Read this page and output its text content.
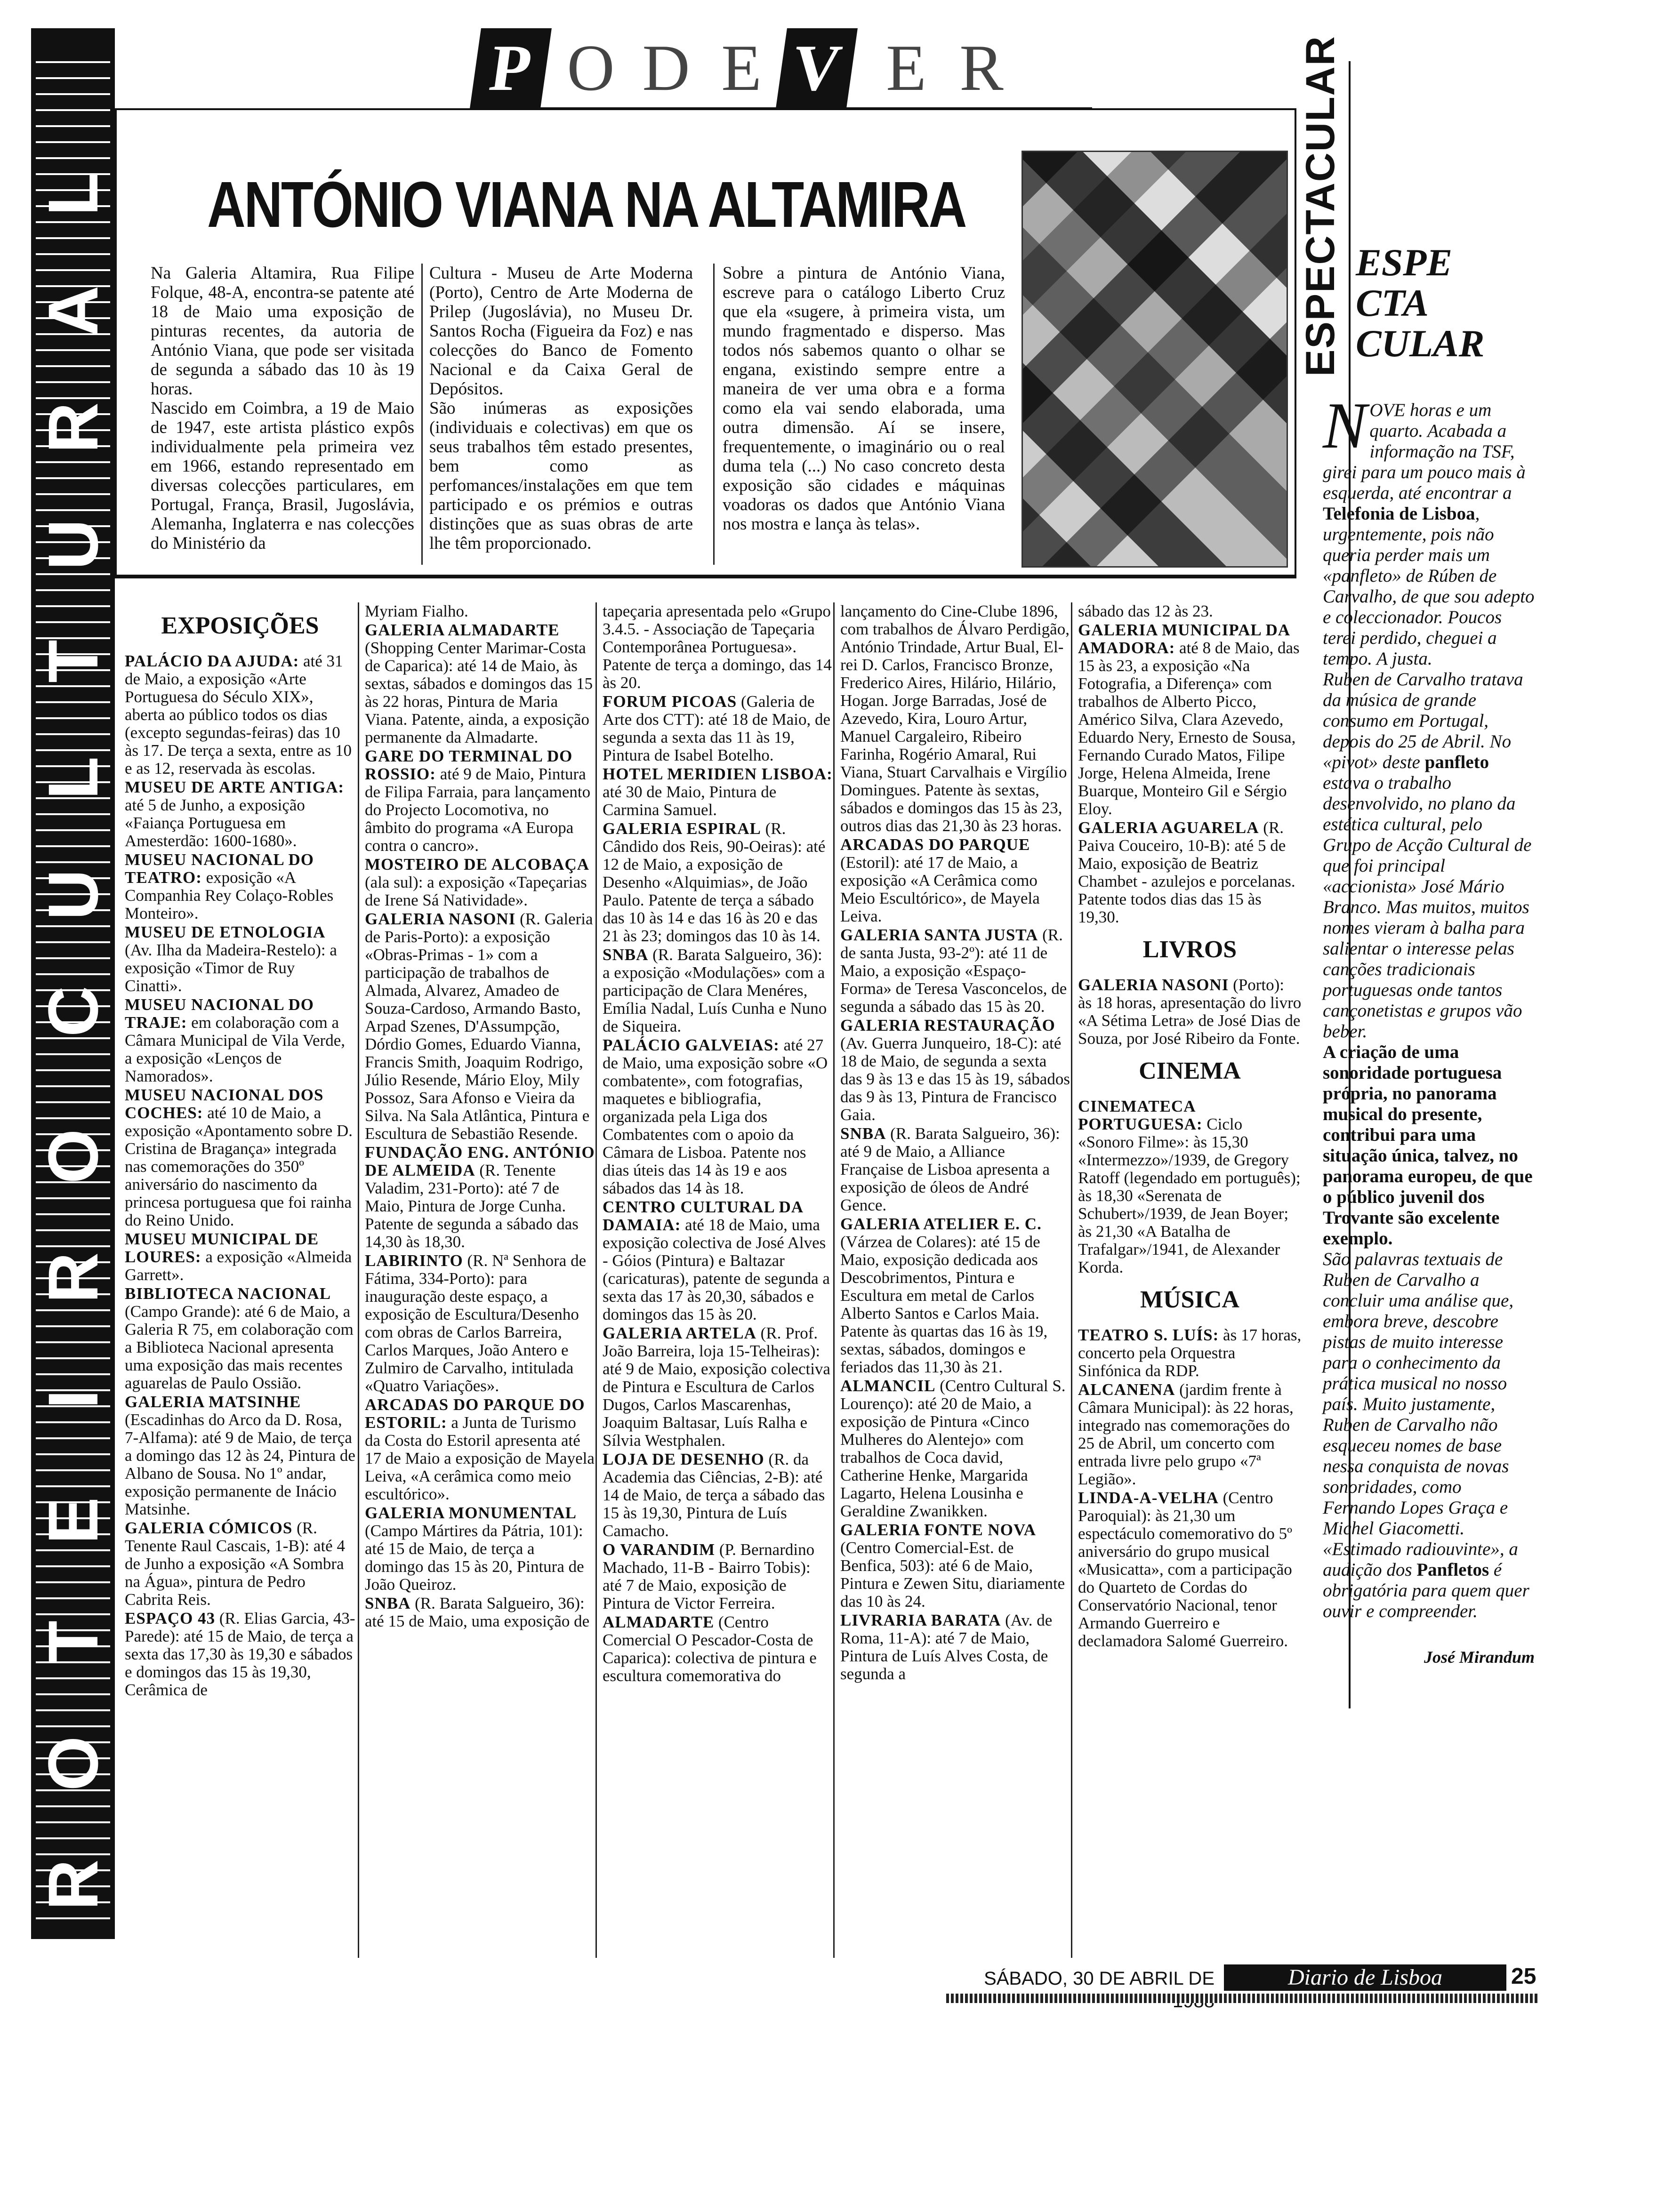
P O D E V E R
R
O
T
E
I
R
O
C
U
L
T
U
R
A
L ANTÓNIO VIANA NA ALTAMIRA
Na Galeria Altamira, Rua Filipe Folque, 48-A, encontra-se patente até 18 de Maio uma exposição de pinturas recentes, da autoria de António Viana, que pode ser visitada de segunda a sábado das 10 às 19 horas.
Nascido em Coimbra, a 19 de Maio de 1947, este artista plástico expôs individualmente pela primeira vez em 1966, estando representado em diversas colecções particulares, em Portugal, França, Brasil, Jugoslávia, Alemanha, Inglaterra e nas colecções do Ministério da
Cultura - Museu de Arte Moderna (Porto), Centro de Arte Moderna de Prilep (Jugoslávia), no Museu Dr. Santos Rocha (Figueira da Foz) e nas colecções do Banco de Fomento Nacional e da Caixa Geral de Depósitos.
São inúmeras as exposições (individuais e colectivas) em que os seus trabalhos têm estado presentes, bem como as perfomances/instalações em que tem participado e os prémios e outras distinções que as suas obras de arte lhe têm proporcionado.
Sobre a pintura de António Viana, escreve para o catálogo Liberto Cruz que ela «sugere, à primeira vista, um mundo fragmentado e disperso. Mas todos nós sabemos quanto o olhar se engana, existindo sempre entre a maneira de ver uma obra e a forma como ela vai sendo elaborada, uma outra dimensão. Aí se insere, frequentemente, o imaginário ou o real duma tela (...) No caso concreto desta exposição são cidades e máquinas voadoras os dados que António Viana nos mostra e lança às telas».
ESPECTACULAR ESPE
CTA
CULAR
NOVE horas e um quarto. Acabada a informação na TSF, girei para um pouco mais à esquerda, até encontrar a Telefonia de Lisboa, urgentemente, pois não queria perder mais um «panfleto» de Rúben de Carvalho, de que sou adepto e coleccionador. Poucos terei perdido, cheguei a tempo. A justa.
Ruben de Carvalho tratava da música de grande consumo em Portugal, depois do 25 de Abril. No «pivot» deste panfleto estava o trabalho desenvolvido, no plano da estética cultural, pelo Grupo de Acção Cultural de que foi principal «accionista» José Mário Branco. Mas muitos, muitos nomes vieram à balha para salientar o interesse pelas canções tradicionais portuguesas onde tantos cançonetistas e grupos vão beber.
A criação de uma sonoridade portuguesa própria, no panorama musical do presente, contribui para uma situação única, talvez, no panorama europeu, de que o público juvenil dos Trovante são excelente exemplo.
São palavras textuais de Ruben de Carvalho a concluir uma análise que, embora breve, descobre pistas de muito interesse para o conhecimento da prática musical no nosso país. Muito justamente, Ruben de Carvalho não esqueceu nomes de base nessa conquista de novas sonoridades, como Fernando Lopes Graça e Michel Giacometti. «Estimado radiouvinte», a audição dos Panfletos é obrigatória para quem quer ouvir e compreender.
José Mirandum
EXPOSIÇÕES

PALÁCIO DA AJUDA: até 31 de Maio, a exposição «Arte Portuguesa do Século XIX», aberta ao público todos os dias (excepto segundas-feiras) das 10 às 17. De terça a sexta, entre as 10 e as 12, reservada às escolas.

MUSEU DE ARTE ANTIGA: até 5 de Junho, a exposição «Faiança Portuguesa em Amesterdão: 1600-1680».

MUSEU NACIONAL DO TEATRO: exposição «A Companhia Rey Colaço-Robles Monteiro».

MUSEU DE ETNOLOGIA (Av. Ilha da Madeira-Restelo): a exposição «Timor de Ruy Cinatti».

MUSEU NACIONAL DO TRAJE: em colaboração com a Câmara Municipal de Vila Verde, a exposição «Lenços de Namorados».

MUSEU NACIONAL DOS COCHES: até 10 de Maio, a exposição «Apontamento sobre D. Cristina de Bragança» integrada nas comemorações do 350º aniversário do nascimento da princesa portuguesa que foi rainha do Reino Unido.

MUSEU MUNICIPAL DE LOURES: a exposição «Almeida Garrett».

BIBLIOTECA NACIONAL (Campo Grande): até 6 de Maio, a Galeria R 75, em colaboração com a Biblioteca Nacional apresenta uma exposição das mais recentes aguarelas de Paulo Ossião.

GALERIA MATSINHE (Escadinhas do Arco da D. Rosa, 7-Alfama): até 9 de Maio, de terça a domingo das 12 às 24, Pintura de Albano de Sousa. No 1º andar, exposição permanente de Inácio Matsinhe.

GALERIA CÓMICOS (R. Tenente Raul Cascais, 1-B): até 4 de Junho a exposição «A Sombra na Água», pintura de Pedro Cabrita Reis.

ESPAÇO 43 (R. Elias Garcia, 43-Parede): até 15 de Maio, de terça a sexta das 17,30 às 19,30 e sábados e domingos das 15 às 19,30, Cerâmica de

Myriam Fialho.

GALERIA ALMADARTE (Shopping Center Marimar-Costa de Caparica): até 14 de Maio, às sextas, sábados e domingos das 15 às 22 horas, Pintura de Maria Viana. Patente, ainda, a exposição permanente da Almadarte.

GARE DO TERMINAL DO ROSSIO: até 9 de Maio, Pintura de Filipa Farraia, para lançamento do Projecto Locomotiva, no âmbito do programa «A Europa contra o cancro».

MOSTEIRO DE ALCOBAÇA (ala sul): a exposição «Tapeçarias de Irene Sá Natividade».

GALERIA NASONI (R. Galeria de Paris-Porto): a exposição «Obras-Primas - 1» com a participação de trabalhos de Almada, Alvarez, Amadeo de Souza-Cardoso, Armando Basto, Arpad Szenes, D'Assumpção, Dórdio Gomes, Eduardo Vianna, Francis Smith, Joaquim Rodrigo, Júlio Resende, Mário Eloy, Mily Possoz, Sara Afonso e Vieira da Silva. Na Sala Atlântica, Pintura e Escultura de Sebastião Resende.

FUNDAÇÃO ENG. ANTÓNIO DE ALMEIDA (R. Tenente Valadim, 231-Porto): até 7 de Maio, Pintura de Jorge Cunha. Patente de segunda a sábado das 14,30 às 18,30.

LABIRINTO (R. Nª Senhora de Fátima, 334-Porto): para inauguração deste espaço, a exposição de Escultura/Desenho com obras de Carlos Barreira, Carlos Marques, João Antero e Zulmiro de Carvalho, intitulada «Quatro Variações».

ARCADAS DO PARQUE DO ESTORIL: a Junta de Turismo da Costa do Estoril apresenta até 17 de Maio a exposição de Mayela Leiva, «A cerâmica como meio escultórico».

GALERIA MONUMENTAL (Campo Mártires da Pátria, 101): até 15 de Maio, de terça a domingo das 15 às 20, Pintura de João Queiroz.

SNBA (R. Barata Salgueiro, 36): até 15 de Maio, uma exposição de

tapeçaria apresentada pelo «Grupo 3.4.5. - Associação de Tapeçaria Contemporânea Portuguesa». Patente de terça a domingo, das 14 às 20.

FORUM PICOAS (Galeria de Arte dos CTT): até 18 de Maio, de segunda a sexta das 11 às 19, Pintura de Isabel Botelho.

HOTEL MERIDIEN LISBOA: até 30 de Maio, Pintura de Carmina Samuel.

GALERIA ESPIRAL (R. Cândido dos Reis, 90-Oeiras): até 12 de Maio, a exposição de Desenho «Alquimias», de João Paulo. Patente de terça a sábado das 10 às 14 e das 16 às 20 e das 21 às 23; domingos das 10 às 14.

SNBA (R. Barata Salgueiro, 36): a exposição «Modulações» com a participação de Clara Menéres, Emília Nadal, Luís Cunha e Nuno de Siqueira.

PALÁCIO GALVEIAS: até 27 de Maio, uma exposição sobre «O combatente», com fotografias, maquetes e bibliografia, organizada pela Liga dos Combatentes com o apoio da Câmara de Lisboa. Patente nos dias úteis das 14 às 19 e aos sábados das 14 às 18.

CENTRO CULTURAL DA DAMAIA: até 18 de Maio, uma exposição colectiva de José Alves - Góios (Pintura) e Baltazar (caricaturas), patente de segunda a sexta das 17 às 20,30, sábados e domingos das 15 às 20.

GALERIA ARTELA (R. Prof. João Barreira, loja 15-Telheiras): até 9 de Maio, exposição colectiva de Pintura e Escultura de Carlos Dugos, Carlos Mascarenhas, Joaquim Baltasar, Luís Ralha e Sílvia Westphalen.

LOJA DE DESENHO (R. da Academia das Ciências, 2-B): até 14 de Maio, de terça a sábado das 15 às 19,30, Pintura de Luís Camacho.

O VARANDIM (P. Bernardino Machado, 11-B - Bairro Tobis): até 7 de Maio, exposição de Pintura de Victor Ferreira.

ALMADARTE (Centro Comercial O Pescador-Costa de Caparica): colectiva de pintura e escultura comemorativa do

lançamento do Cine-Clube 1896, com trabalhos de Álvaro Perdigão, António Trindade, Artur Bual, El-rei D. Carlos, Francisco Bronze, Frederico Aires, Hilário, Hilário, Hogan. Jorge Barradas, José de Azevedo, Kira, Louro Artur, Manuel Cargaleiro, Ribeiro Farinha, Rogério Amaral, Rui Viana, Stuart Carvalhais e Virgílio Domingues. Patente às sextas, sábados e domingos das 15 às 23, outros dias das 21,30 às 23 horas.

ARCADAS DO PARQUE (Estoril): até 17 de Maio, a exposição «A Cerâmica como Meio Escultórico», de Mayela Leiva.

GALERIA SANTA JUSTA (R. de santa Justa, 93-2º): até 11 de Maio, a exposição «Espaço-Forma» de Teresa Vasconcelos, de segunda a sábado das 15 às 20.

GALERIA RESTAURAÇÃO (Av. Guerra Junqueiro, 18-C): até 18 de Maio, de segunda a sexta das 9 às 13 e das 15 às 19, sábados das 9 às 13, Pintura de Francisco Gaia.

SNBA (R. Barata Salgueiro, 36): até 9 de Maio, a Alliance Française de Lisboa apresenta a exposição de óleos de André Gence.

GALERIA ATELIER E. C. (Várzea de Colares): até 15 de Maio, exposição dedicada aos Descobrimentos, Pintura e Escultura em metal de Carlos Alberto Santos e Carlos Maia. Patente às quartas das 16 às 19, sextas, sábados, domingos e feriados das 11,30 às 21.

ALMANCIL (Centro Cultural S. Lourenço): até 20 de Maio, a exposição de Pintura «Cinco Mulheres do Alentejo» com trabalhos de Coca david, Catherine Henke, Margarida Lagarto, Helena Lousinha e Geraldine Zwanikken.

GALERIA FONTE NOVA (Centro Comercial-Est. de Benfica, 503): até 6 de Maio, Pintura e Zewen Situ, diariamente das 10 às 24.

LIVRARIA BARATA (Av. de Roma, 11-A): até 7 de Maio, Pintura de Luís Alves Costa, de segunda a

sábado das 12 às 23.

GALERIA MUNICIPAL DA AMADORA: até 8 de Maio, das 15 às 23, a exposição «Na Fotografia, a Diferença» com trabalhos de Alberto Picco, Américo Silva, Clara Azevedo, Eduardo Nery, Ernesto de Sousa, Fernando Curado Matos, Filipe Jorge, Helena Almeida, Irene Buarque, Monteiro Gil e Sérgio Eloy.

GALERIA AGUARELA (R. Paiva Couceiro, 10-B): até 5 de Maio, exposição de Beatriz Chambet - azulejos e porcelanas. Patente todos dias das 15 às 19,30.

LIVROS

GALERIA NASONI (Porto): às 18 horas, apresentação do livro «A Sétima Letra» de José Dias de Souza, por José Ribeiro da Fonte.

CINEMA

CINEMATECA PORTUGUESA: Ciclo «Sonoro Filme»: às 15,30 «Intermezzo»/1939, de Gregory Ratoff (legendado em português); às 18,30 «Serenata de Schubert»/1939, de Jean Boyer; às 21,30 «A Batalha de Trafalgar»/1941, de Alexander Korda.

MÚSICA

TEATRO S. LUÍS: às 17 horas, concerto pela Orquestra Sinfónica da RDP.

ALCANENA (jardim frente à Câmara Municipal): às 22 horas, integrado nas comemorações do 25 de Abril, um concerto com entrada livre pelo grupo «7ª Legião».

LINDA-A-VELHA (Centro Paroquial): às 21,30 um espectáculo comemorativo do 5º aniversário do grupo musical «Musicatta», com a participação do Quarteto de Cordas do Conservatório Nacional, tenor Armando Guerreiro e declamadora Salomé Guerreiro.

SÁBADO, 30 DE ABRIL DE	Diario de Lisboa	25
